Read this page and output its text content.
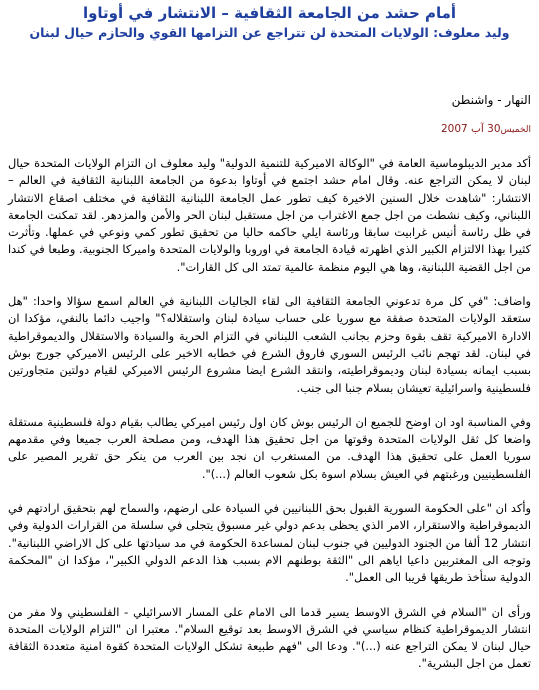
أمام حشد من الجامعة الثقافية – الانتشار في أوتاوا
وليد معلوف: الولايات المتحدة لن تتراجع عن التزامها القوي والحازم حيال لبنان

النهار - واشنطن

الخميس30 آب 2007

أكد مدير الديبلوماسية العامة في "الوكالة الاميركية للتنمية الدولية" وليد معلوف ان التزام الولايات المتحدة حيال لبنان لا يمكن التراجع عنه. وقال امام حشد اجتمع في أوتاوا بدعوة من الجامعة اللبنانية الثقافية في العالم – الانتشار: "شاهدت خلال السنين الاخيرة كيف تطور عمل الجامعة اللبنانية الثقافية في مختلف اصقاع الانتشار اللبناني، وكيف نشطت من اجل جمع الاغتراب من اجل مستقبل لبنان الحر والأمن والمزدهر. لقد تمكنت الجامعة في ظل رئاسة أنيس غرابيت سابقا ورئاسة ايلي حاكمه حاليا من تحقيق تطور كمي ونوعي في عملها. وتأثرت كثيرا بهذا الالتزام الكبير الذي اظهرته قيادة الجامعة في اوروبا والولايات المتحدة واميركا الجنوبية. وطبعا في كندا من اجل القضية اللبنانية، وها هي اليوم منظمة عالمية تمتد الى كل القارات".

واضاف: "في كل مرة تدعوني الجامعة الثقافية الى لقاء الجاليات اللبنانية في العالم اسمع سؤالا واحدا: "هل ستعقد الولايات المتحدة صفقة مع سوريا على حساب سيادة لبنان واستقلاله؟" واجيب دائما بالنفي، مؤكدا ان الادارة الاميركية تقف بقوة وحزم بجانب الشعب اللبناني في التزام الحرية والسيادة والاستقلال والديموقراطية في لبنان. لقد تهجم نائب الرئيس السوري فاروق الشرع في خطابه الاخير على الرئيس الاميركي جورج بوش بسبب ايمانه بسيادة لبنان وديموقراطيته، وانتقد الشرع ايضا مشروع الرئيس الاميركي لقيام دولتين متجاورتين فلسطينية واسرائيلية تعيشان بسلام جنبا الى جنب.

وفي المناسبة اود ان اوضح للجميع ان الرئيس بوش كان اول رئيس اميركي يطالب بقيام دولة فلسطينية مستقلة واضعا كل ثقل الولايات المتحدة وقوتها من اجل تحقيق هذا الهدف، ومن مصلحة العرب جميعا وفي مقدمهم سوريا العمل على تحقيق هذا الهدف. من المستغرب ان نجد بين العرب من ينكر حق تقرير المصير على الفلسطينيين ورغبتهم في العيش بسلام اسوة بكل شعوب العالم (...)".

وأكد ان "على الحكومة السورية القبول بحق اللبنانيين في السيادة على ارضهم، والسماح لهم بتحقيق ارادتهم في الديموقراطية والاستقرار، الامر الذي يحظى بدعم دولي غير مسبوق يتجلى في سلسلة من القرارات الدولية وفي انتشار 12 ألفا من الجنود الدوليين في جنوب لبنان لمساعدة الحكومة في مد سيادتها على كل الاراضي اللبنانية". وتوجه الى المغتربين داعيا اياهم الى "الثقة بوطنهم الام بسبب هذا الدعم الدولي الكبير"، مؤكدا ان "المحكمة الدولية ستأخذ طريقها قريبا الى العمل".

ورأى ان "السلام في الشرق الاوسط يسير قدما الى الامام على المسار الاسرائيلي - الفلسطيني ولا مفر من انتشار الديموقراطية كنظام سياسي في الشرق الاوسط بعد توقيع السلام". معتبرا ان "التزام الولايات المتحدة حيال لبنان لا يمكن التراجع عنه (...)". ودعا الى "فهم طبيعة تشكل الولايات المتحدة كقوة امنية متعددة الثقافة تعمل من اجل البشرية".
